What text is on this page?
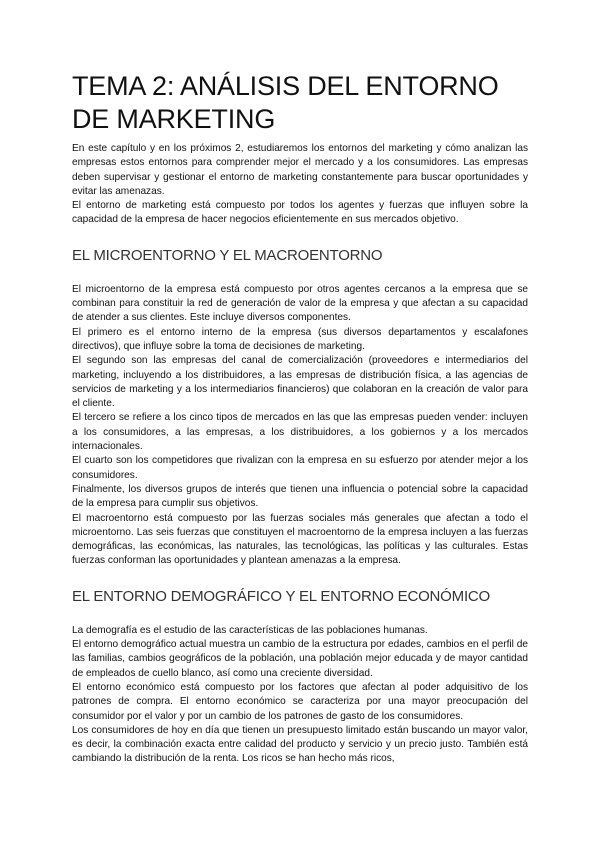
TEMA 2: ANÁLISIS DEL ENTORNO DE MARKETING

En este capítulo y en los próximos 2, estudiaremos los entornos del marketing y cómo analizan las empresas estos entornos para comprender mejor el mercado y a los consumidores. Las empresas deben supervisar y gestionar el entorno de marketing constantemente para buscar oportunidades y evitar las amenazas.

El entorno de marketing está compuesto por todos los agentes y fuerzas que influyen sobre la capacidad de la empresa de hacer negocios eficientemente en sus mercados objetivo.

EL MICROENTORNO Y EL MACROENTORNO

El microentorno de la empresa está compuesto por otros agentes cercanos a la empresa que se combinan para constituir la red de generación de valor de la empresa y que afectan a su capacidad de atender a sus clientes. Este incluye diversos componentes.

El primero es el entorno interno de la empresa (sus diversos departamentos y escalafones directivos), que influye sobre la toma de decisiones de marketing.

El segundo son las empresas del canal de comercialización (proveedores e intermediarios del marketing, incluyendo a los distribuidores, a las empresas de distribución física, a las agencias de servicios de marketing y a los intermediarios financieros) que colaboran en la creación de valor para el cliente.

El tercero se refiere a los cinco tipos de mercados en las que las empresas pueden vender: incluyen a los consumidores, a las empresas, a los distribuidores, a los gobiernos y a los mercados internacionales.

El cuarto son los competidores que rivalizan con la empresa en su esfuerzo por atender mejor a los consumidores.

Finalmente, los diversos grupos de interés que tienen una influencia o potencial sobre la capacidad de la empresa para cumplir sus objetivos.

El macroentorno está compuesto por las fuerzas sociales más generales que afectan a todo el microentorno. Las seis fuerzas que constituyen el macroentorno de la empresa incluyen a las fuerzas demográficas, las económicas, las naturales, las tecnológicas, las políticas y las culturales. Estas fuerzas conforman las oportunidades y plantean amenazas a la empresa.

EL ENTORNO DEMOGRÁFICO Y EL ENTORNO ECONÓMICO

La demografía es el estudio de las características de las poblaciones humanas.

El entorno demográfico actual muestra un cambio de la estructura por edades, cambios en el perfil de las familias, cambios geográficos de la población, una población mejor educada y de mayor cantidad de empleados de cuello blanco, así como una creciente diversidad.

El entorno económico está compuesto por los factores que afectan al poder adquisitivo de los patrones de compra. El entorno económico se caracteriza por una mayor preocupación del consumidor por el valor y por un cambio de los patrones de gasto de los consumidores.

Los consumidores de hoy en día que tienen un presupuesto limitado están buscando un mayor valor, es decir, la combinación exacta entre calidad del producto y servicio y un precio justo. También está cambiando la distribución de la renta. Los ricos se han hecho más ricos,
